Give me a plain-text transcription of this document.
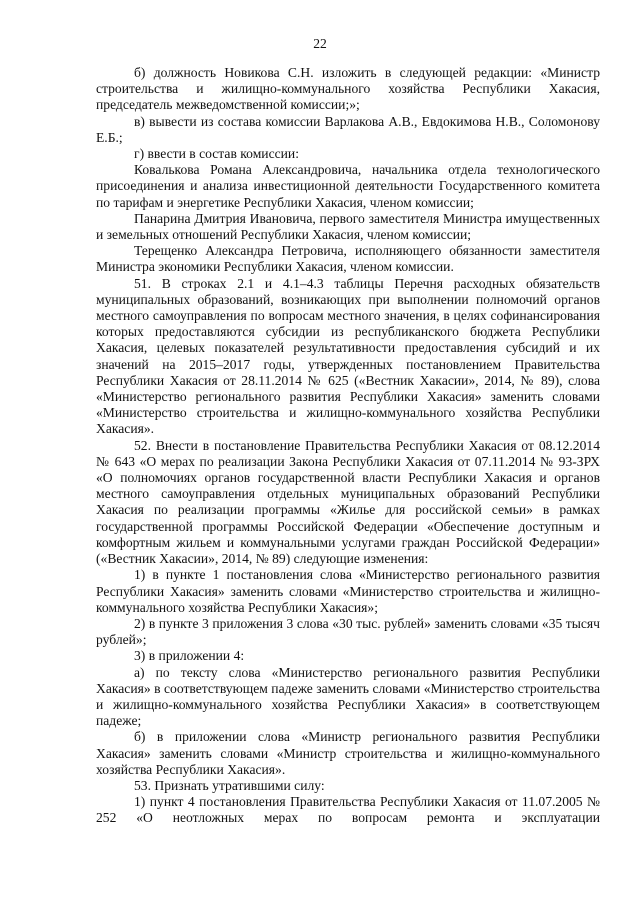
22

б) должность Новикова С.Н. изложить в следующей редакции: «Министр строительства и жилищно-коммунального хозяйства Республики Хакасия, председатель межведомственной комиссии;»;

в) вывести из состава комиссии Варлакова А.В., Евдокимова Н.В., Соломонову Е.Б.;

г) ввести в состав комиссии:

Ковалькова Романа Александровича, начальника отдела технологического присоединения и анализа инвестиционной деятельности Государственного комитета по тарифам и энергетике Республики Хакасия, членом комиссии;

Панарина Дмитрия Ивановича, первого заместителя Министра имущественных и земельных отношений Республики Хакасия, членом комиссии;

Терещенко Александра Петровича, исполняющего обязанности заместителя Министра экономики Республики Хакасия, членом комиссии.

51. В строках 2.1 и 4.1–4.3 таблицы Перечня расходных обязательств муниципальных образований, возникающих при выполнении полномочий органов местного самоуправления по вопросам местного значения, в целях софинансирования которых предоставляются субсидии из республиканского бюджета Республики Хакасия, целевых показателей результативности предоставления субсидий и их значений на 2015–2017 годы, утвержденных постановлением Правительства Республики Хакасия от 28.11.2014 № 625 («Вестник Хакасии», 2014, № 89), слова «Министерство регионального развития Республики Хакасия» заменить словами «Министерство строительства и жилищно-коммунального хозяйства Республики Хакасия».

52. Внести в постановление Правительства Республики Хакасия от 08.12.2014 № 643 «О мерах по реализации Закона Республики Хакасия от 07.11.2014 № 93-ЗРХ «О полномочиях органов государственной власти Республики Хакасия и органов местного самоуправления отдельных муниципальных образований Республики Хакасия по реализации программы «Жилье для российской семьи» в рамках государственной программы Российской Федерации «Обеспечение доступным и комфортным жильем и коммунальными услугами граждан Российской Федерации» («Вестник Хакасии», 2014, № 89) следующие изменения:

1) в пункте 1 постановления слова «Министерство регионального развития Республики Хакасия» заменить словами «Министерство строительства и жилищно-коммунального хозяйства Республики Хакасия»;

2) в пункте 3 приложения 3 слова «30 тыс. рублей» заменить словами «35 тысяч рублей»;

3) в приложении 4:

а) по тексту слова «Министерство регионального развития Республики Хакасия» в соответствующем падеже заменить словами «Министерство строительства и жилищно-коммунального хозяйства Республики Хакасия» в соответствующем падеже;

б) в приложении слова «Министр регионального развития Республики Хакасия» заменить словами «Министр строительства и жилищно-коммунального хозяйства Республики Хакасия».

53. Признать утратившими силу:

1) пункт 4 постановления Правительства Республики Хакасия от 11.07.2005 № 252 «О неотложных мерах по вопросам ремонта и эксплуатации
